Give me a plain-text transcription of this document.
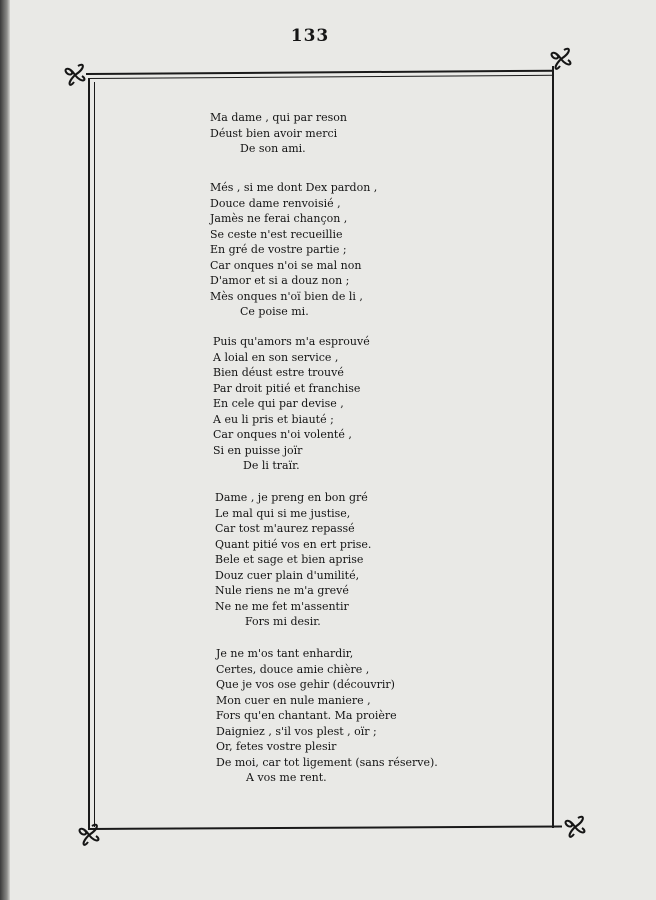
133
Ma dame , qui par reson
Déust bien avoir merci
De son ami.
Més , si me dont Dex pardon ,
Douce dame renvoisié ,
Jamès ne ferai chançon ,
Se ceste n'est recueillie
En gré de vostre partie ;
Car onques n'oi se mal non
D'amor et si a douz non ;
Mès onques n'oï bien de li ,
Ce poise mi.
Puis qu'amors m'a esprouvé
A loial en son service ,
Bien déust estre trouvé
Par droit pitié et franchise
En cele qui par devise ,
A eu li pris et biauté ;
Car onques n'oi volenté ,
Si en puisse joïr
De li traïr.
Dame , je preng en bon gré
Le mal qui si me justise,
Car tost m'aurez repassé
Quant pitié vos en ert prise.
Bele et sage et bien aprise
Douz cuer plain d'umilité,
Nule riens ne m'a grevé
Ne ne me fet m'assentir
Fors mi desir.
Je ne m'os tant enhardir,
Certes, douce amie chière ,
Que je vos ose gehir (découvrir)
Mon cuer en nule maniere ,
Fors qu'en chantant. Ma proière
Daigniez , s'il vos plest , oïr ;
Or, fetes vostre plesir
De moi, car tot ligement (sans réserve).
A vos me rent.
